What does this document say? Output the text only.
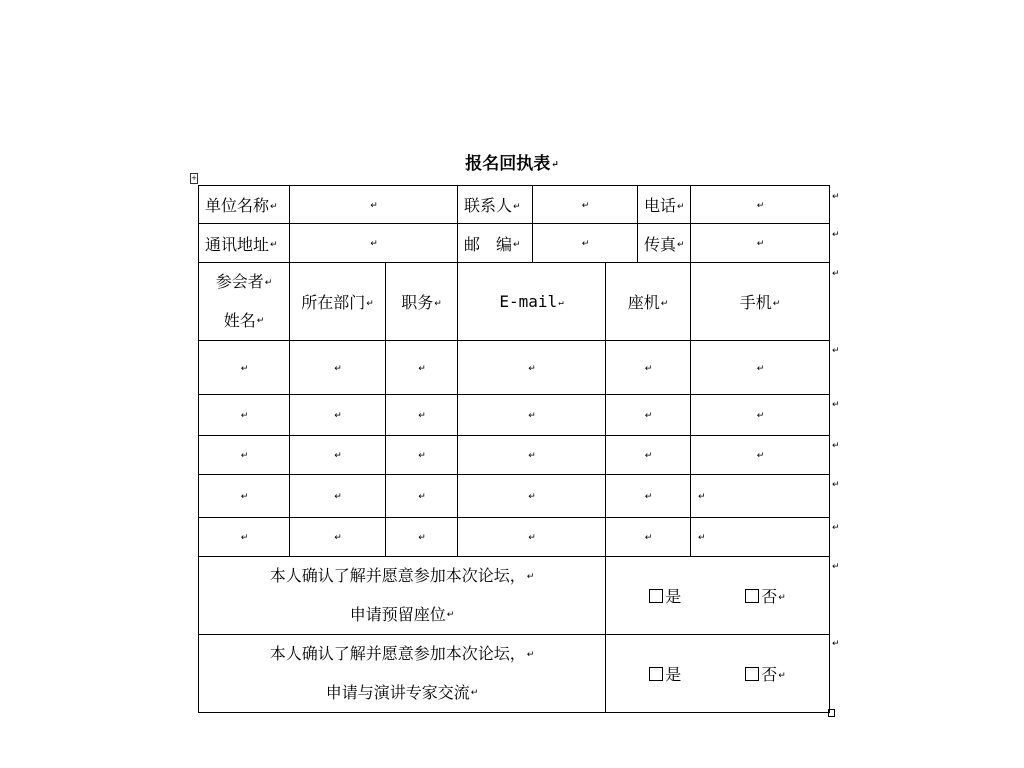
报名回执表↵
+
单位名称↵	↵		联系人↵	↵		电话↵	↵
通讯地址↵	↵		邮　编↵	↵		传真↵	↵

参会者↵
姓名↵	所在部门↵	职务↵	E-mail↵		座机↵		手机↵
↵	↵	↵	↵		↵		↵
↵	↵	↵	↵		↵		↵
↵	↵	↵	↵		↵		↵
↵	↵	↵	↵		↵		↵
↵	↵	↵	↵		↵		↵

本人确认了解并愿意参加本次论坛，↵
申请预留座位↵					是 否↵		

本人确认了解并愿意参加本次论坛，↵
申请与演讲专家交流↵					是 否↵		
↵
↵
↵
↵
↵
↵
↵
↵
↵
↵
